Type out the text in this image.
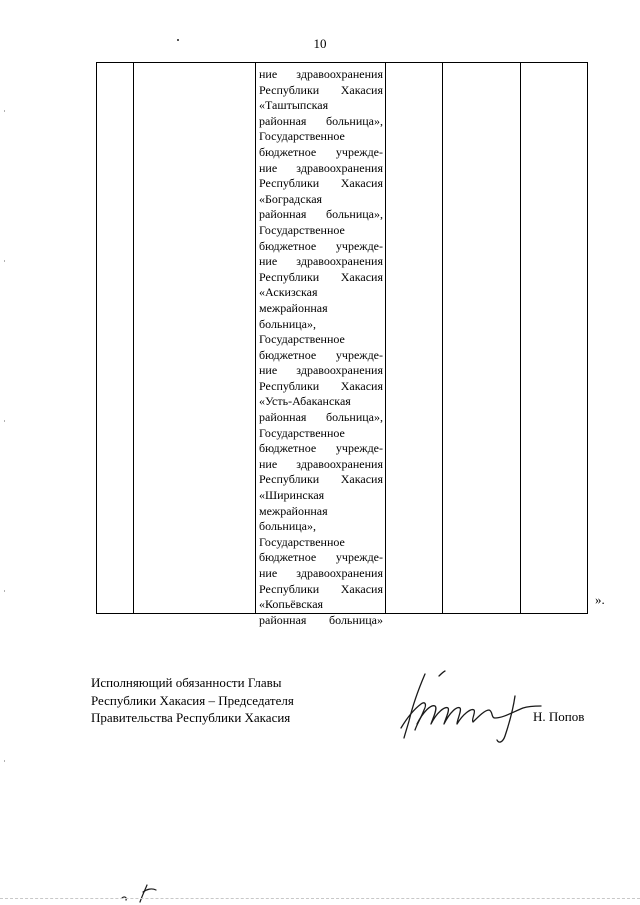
10
ние здравоохранения
Республики Хакасия
«Таштыпская
районная больница»,
Государственное
бюджетное учрежде-
ние здравоохранения
Республики Хакасия
«Боградская
районная больница»,
Государственное
бюджетное учрежде-
ние здравоохранения
Республики Хакасия
«Аскизская
межрайонная
больница»,
Государственное
бюджетное учрежде-
ние здравоохранения
Республики Хакасия
«Усть-Абаканская
районная больница»,
Государственное
бюджетное учрежде-
ние здравоохранения
Республики Хакасия
«Ширинская
межрайонная
больница»,
Государственное
бюджетное учрежде-
ние здравоохранения
Республики Хакасия
«Копьёвская
районная больница»
».
Исполняющий обязанности Главы
Республики Хакасия – Председателя
Правительства Республики Хакасия	Н. Попов
